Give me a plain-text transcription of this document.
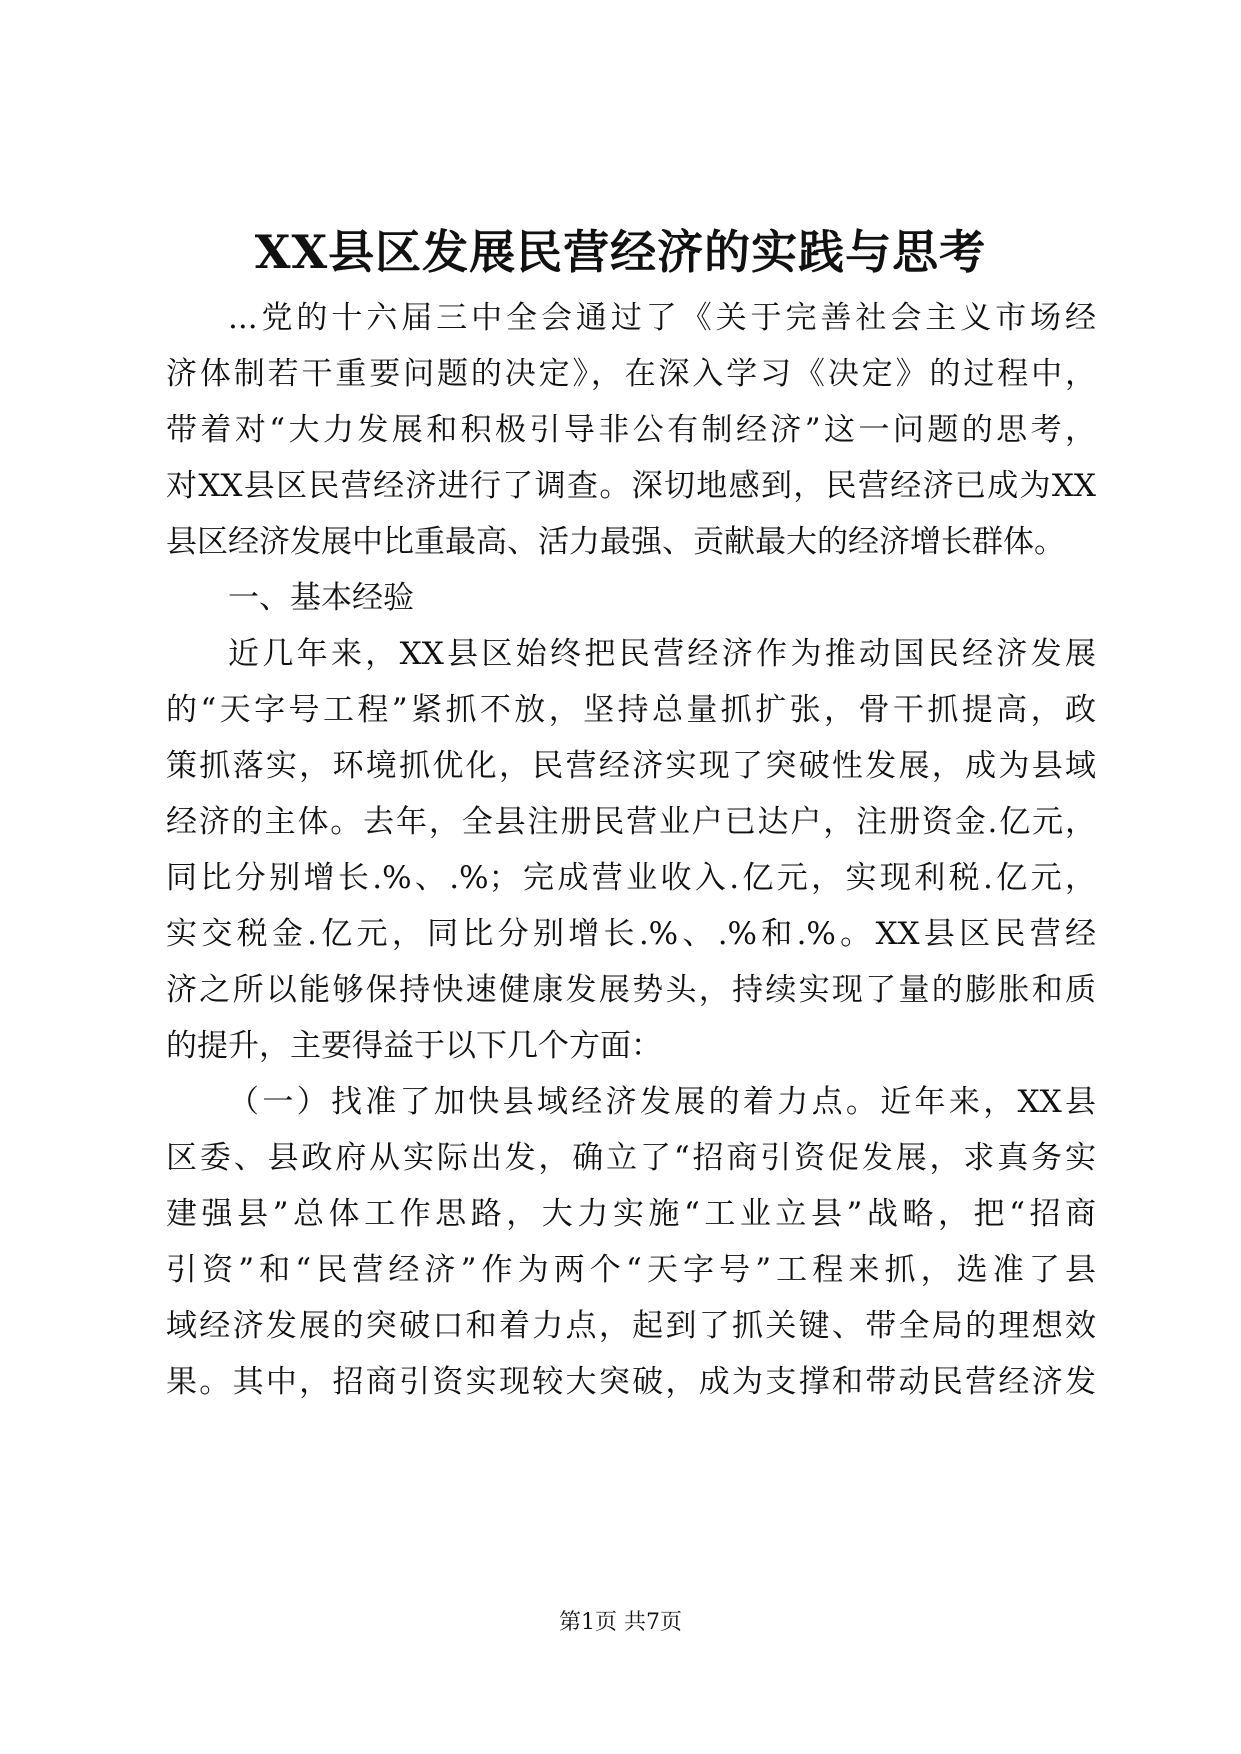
XX县区发展民营经济的实践与思考
...党的十六届三中全会通过了《关于完善社会主义市场经
济体制若干重要问题的决定》，在深入学习《决定》的过程中，
带着对“大力发展和积极引导非公有制经济”这一问题的思考，
对XX县区民营经济进行了调查。深切地感到，民营经济已成为XX
县区经济发展中比重最高、活力最强、贡献最大的经济增长群体。
一、基本经验
近几年来，XX县区始终把民营经济作为推动国民经济发展
的“天字号工程”紧抓不放，坚持总量抓扩张，骨干抓提高，政
策抓落实，环境抓优化，民营经济实现了突破性发展，成为县域
经济的主体。去年，全县注册民营业户已达户，注册资金.亿元，
同比分别增长.%、.%；完成营业收入.亿元，实现利税.亿元，
实交税金.亿元，同比分别增长.%、.%和.%。XX县区民营经
济之所以能够保持快速健康发展势头，持续实现了量的膨胀和质
的提升，主要得益于以下几个方面：
（一）找准了加快县域经济发展的着力点。近年来，XX县
区委、县政府从实际出发，确立了“招商引资促发展，求真务实
建强县”总体工作思路，大力实施“工业立县”战略，把“招商
引资”和“民营经济”作为两个“天字号”工程来抓，选准了县
域经济发展的突破口和着力点，起到了抓关键、带全局的理想效
果。其中，招商引资实现较大突破，成为支撑和带动民营经济发
第1页 共7页
